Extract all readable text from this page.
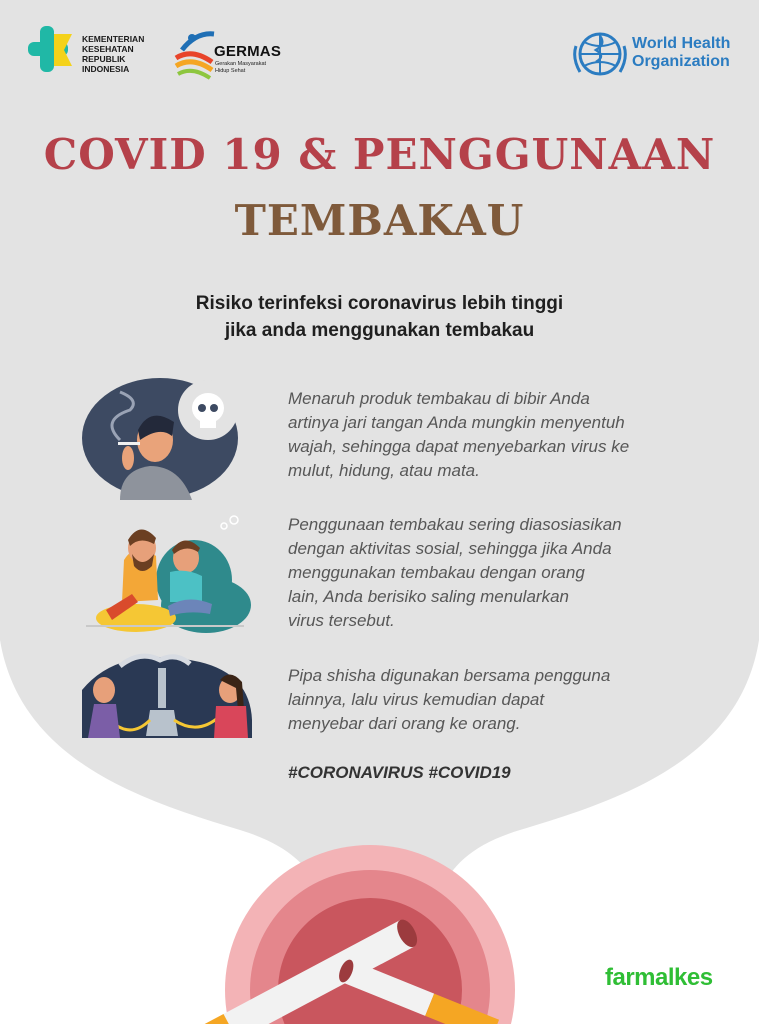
KEMENTERIAN
KESEHATAN
REPUBLIK
INDONESIA
GERMAS
Gerakan Masyarakat
Hidup Sehat
World Health
Organization
COVID 19 & PENGGUNAAN
TEMBAKAU
Risiko terinfeksi coronavirus lebih tinggi
jika anda menggunakan tembakau
Menaruh produk tembakau di bibir Anda
artinya jari tangan Anda mungkin menyentuh
wajah, sehingga dapat menyebarkan virus ke
mulut, hidung, atau mata.
Penggunaan tembakau sering diasosiasikan
dengan aktivitas sosial, sehingga jika Anda
menggunakan tembakau dengan orang
lain, Anda berisiko saling menularkan
virus tersebut.
Pipa shisha digunakan bersama pengguna
lainnya, lalu virus kemudian dapat
menyebar dari orang ke orang.
#CORONAVIRUS #COVID19
farmalkes
